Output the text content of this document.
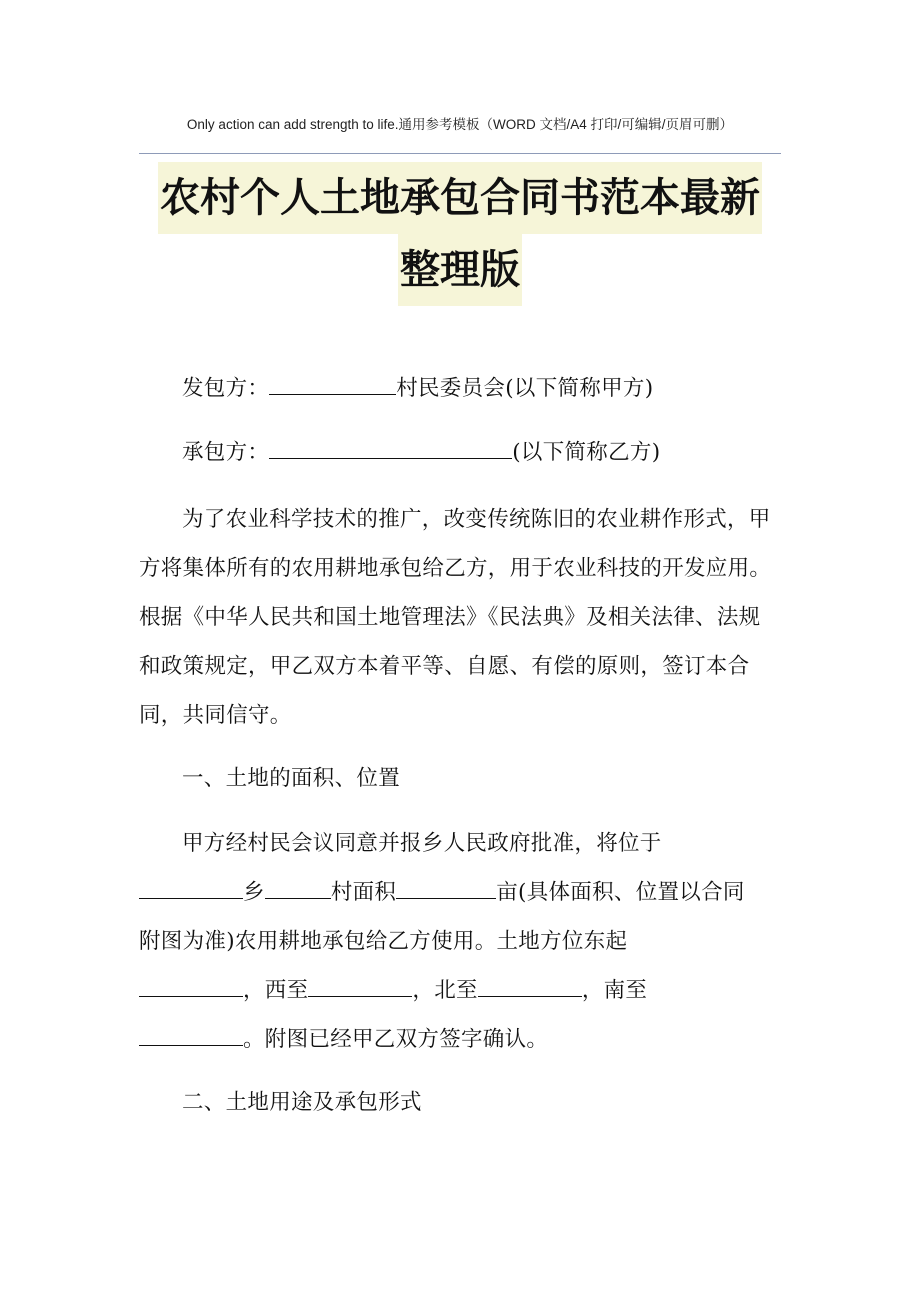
Only action can add strength to life.通用参考模板（WORD 文档/A4 打印/可编辑/页眉可删）
农村个人土地承包合同书范本最新
整理版

发包方：	村民委员会(以下简称甲方)

承包方：	(以下简称乙方)

为了农业科学技术的推广，改变传统陈旧的农业耕作形式，甲方将集体所有的农用耕地承包给乙方，用于农业科技的开发应用。根据《中华人民共和国土地管理法》《民法典》及相关法律、法规和政策规定，甲乙双方本着平等、自愿、有偿的原则，签订本合同，共同信守。

一、土地的面积、位置

甲方经村民会议同意并报乡人民政府批准，将位于

乡	村面积	亩(具体面积、位置以合同

附图为准)农用耕地承包给乙方使用。土地方位东起

，西至	，北至	，南至

。附图已经甲乙双方签字确认。

二、土地用途及承包形式
